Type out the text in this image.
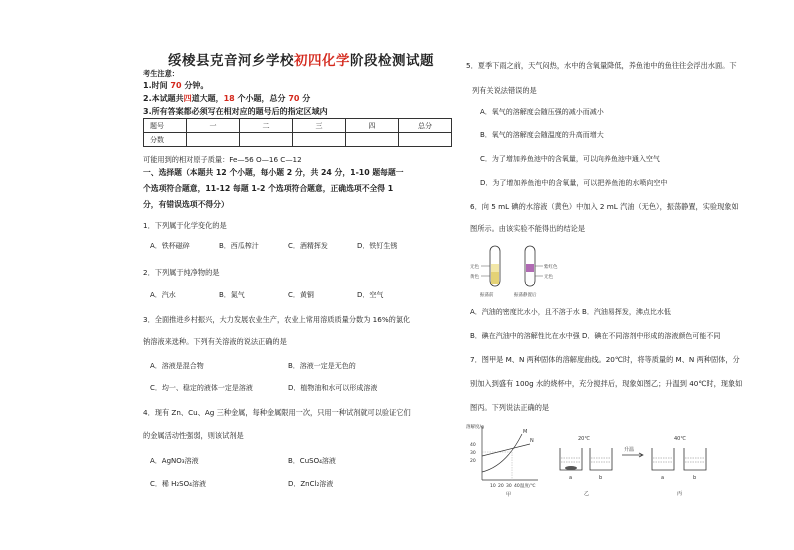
绥棱县克音河乡学校初四化学阶段检测试题
考生注意：
1.时间 70 分钟。
2.本试题共四道大题，18 个小题，总分 70 分
3.所有答案都必须写在相对应的题号后的指定区域内
题号	一	二	三	四	总分
分数					
可能用到的相对原子质量：Fe—56 O—16 C—12
一、选择题（本题共 12 个小题，每小题 2 分，共 24 分，1-10 题每题一
个选项符合题意，11-12 每题 1-2 个选项符合题意，正确选项不全得 1
分，有错误选项不得分）
1．下列属于化学变化的是
A．铁杯磁碎	B．西瓜榨汁	C．酒精挥发	D．铁钉生锈
2．下列属于纯净物的是
A．汽水	B．氮气	C．黄铜	D．空气
3．全面推进乡村振兴，大力发展农业生产，农业上常用溶质质量分数为 16%的氯化
钠溶液来选种。下列有关溶液的说法正确的是
A．溶液是混合物	B．溶液一定是无色的
C．均一、稳定的液体一定是溶液	D．植物油和水可以形成溶液
4．现有 Zn、Cu、Ag 三种金属，每种金属限用一次，只用一种试剂就可以验证它们
的金属活动性强弱，则该试剂是
A．AgNO₃溶液	B．CuSO₄溶液
C．稀 H₂SO₄溶液	D．ZnCl₂溶液
5．夏季下雨之前，天气闷热，水中的含氧量降低，养鱼池中的鱼往往会浮出水面。下
列有关说法错误的是
A．氧气的溶解度会随压强的减小而减小
B．氧气的溶解度会随温度的升高而增大
C．为了增加养鱼池中的含氧量，可以向养鱼池中通入空气
D．为了增加养鱼池中的含氧量，可以把养鱼池的水喷向空中
6．向 5 mL 碘的水溶液（黄色）中加入 2 mL 汽油（无色），振荡静置，实验现象如
图所示。由该实验不能得出的结论是
无色
黄色
振荡前
紫红色
无色
振荡静置后
A．汽油的密度比水小，且不溶于水 B．汽油易挥发，沸点比水低
B．碘在汽油中的溶解性比在水中强 D．碘在不同溶剂中形成的溶液颜色可能不同
7．图甲是 M、N 两种固体的溶解度曲线。20℃时，将等质量的 M、N 两种固体，分
别加入到盛有 100g 水的烧杯中，充分搅拌后，现象如图乙；升温到 40℃时，现象如
图丙。下列说法正确的是
溶解度/g
40
30
20
M
N
10 20 30 40 温度/℃
甲
20℃
a	b
乙
升温
40℃
a	b
丙
